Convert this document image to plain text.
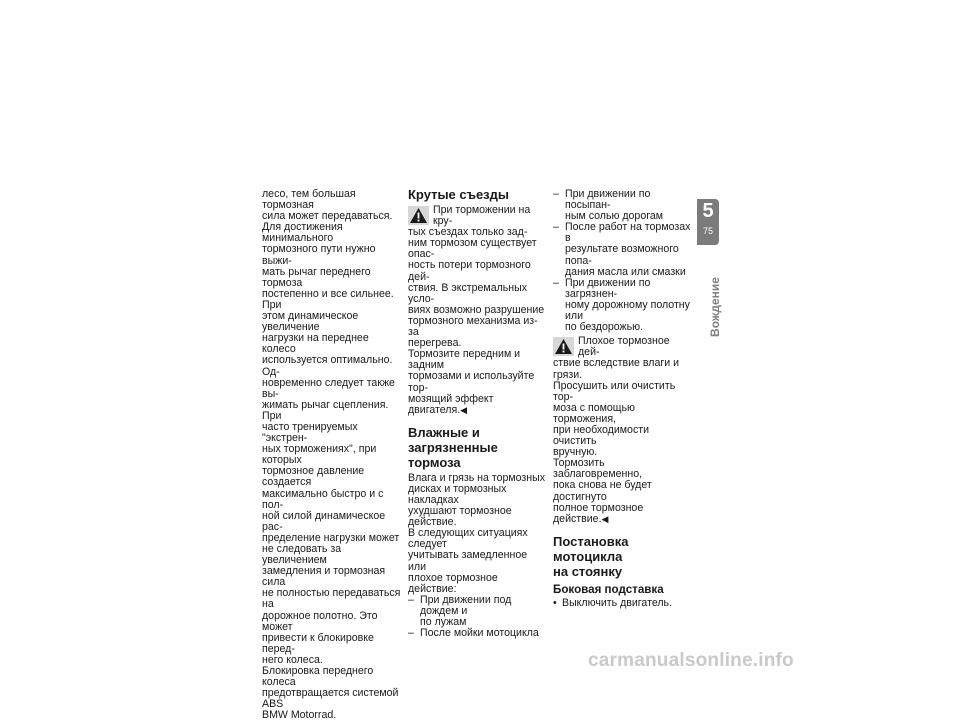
лесо, тем большая тормозная
сила может передаваться.
Для достижения минимального
тормозного пути нужно выжи-
мать рычаг переднего тормоза
постепенно и все сильнее. При
этом динамическое увеличение
нагрузки на переднее колесо
используется оптимально. Од-
новременно следует также вы-
жимать рычаг сцепления. При
часто тренируемых "экстрен-
ных торможениях", при которых
тормозное давление создается
максимально быстро и с пол-
ной силой динамическое рас-
пределение нагрузки может
не следовать за увеличением
замедления и тормозная сила
не полностью передаваться на
дорожное полотно. Это может
привести к блокировке перед-
него колеса.
Блокировка переднего колеса
предотвращается системой ABS
BMW Motorrad.

Крутые съезды

При торможении на кру-
тых съездах только зад-
ним тормозом существует опас-
ность потери тормозного дей-
ствия. В экстремальных усло-
виях возможно разрушение
тормозного механизма из-за
перегрева.

Тормозите передним и задним
тормозами и используйте тор-
мозящий эффект двигателя.◀

Влажные и загрязненные
тормоза

Влага и грязь на тормозных
дисках и тормозных накладках
ухудшают тормозное действие.
В следующих ситуациях следует
учитывать замедленное или
плохое тормозное действие:

– При движении под дождем и
по лужам

– После мойки мотоцикла

– При движении по посыпан-
ным солью дорогам

– После работ на тормозах в
результате возможного попа-
дания масла или смазки

– При движении по загрязнен-
ному дорожному полотну или
по бездорожью.

Плохое тормозное дей-
ствие вследствие влаги и
грязи.

Просушить или очистить тор-
моза с помощью торможения,
при необходимости очистить
вручную.
Тормозить заблаговременно,
пока снова не будет достигнуто
полное тормозное действие.◀

Постановка мотоцикла
на стоянку
Боковая подставка

• Выключить двигатель.

5
75
Вождение
carmanualsonline.info
